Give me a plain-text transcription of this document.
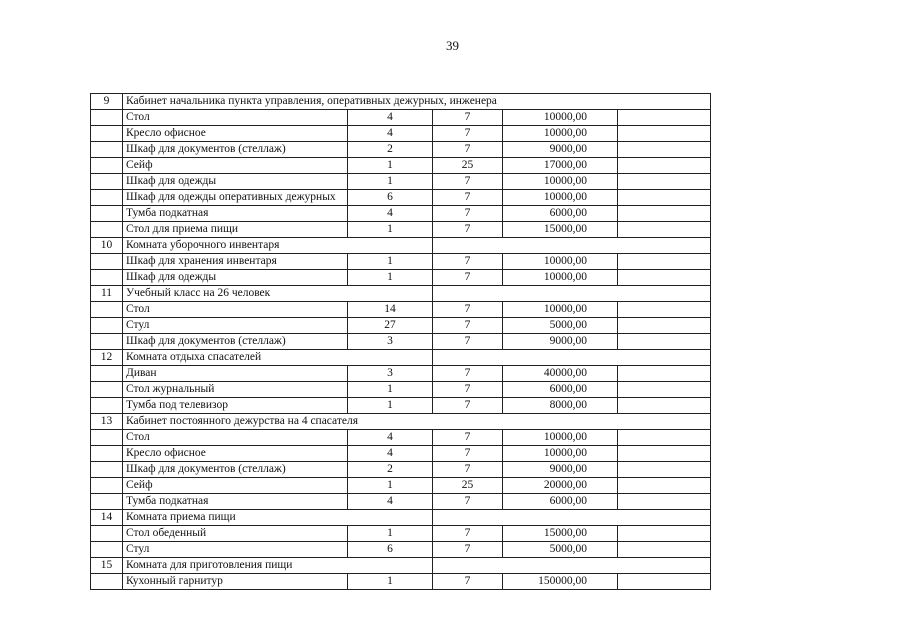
39
9	Кабинет начальника пункта управления, оперативных дежурных, инженера				
	Стол	4	7	10000,00	
	Кресло офисное	4	7	10000,00	
	Шкаф для документов (стеллаж)	2	7	9000,00	
	Сейф	1	25	17000,00	
	Шкаф для одежды	1	7	10000,00	
	Шкаф для одежды оперативных дежурных	6	7	10000,00	
	Тумба подкатная	4	7	6000,00	
	Стол для приема пищи	1	7	15000,00	
10	Комната уборочного инвентаря				
	Шкаф для хранения инвентаря	1	7	10000,00	
	Шкаф для одежды	1	7	10000,00	
11	Учебный класс на 26 человек				
	Стол	14	7	10000,00	
	Стул	27	7	5000,00	
	Шкаф для документов (стеллаж)	3	7	9000,00	
12	Комната отдыха спасателей				
	Диван	3	7	40000,00	
	Стол журнальный	1	7	6000,00	
	Тумба под телевизор	1	7	8000,00	
13	Кабинет постоянного дежурства на 4 спасателя				
	Стол	4	7	10000,00	
	Кресло офисное	4	7	10000,00	
	Шкаф для документов (стеллаж)	2	7	9000,00	
	Сейф	1	25	20000,00	
	Тумба подкатная	4	7	6000,00	
14	Комната приема пищи				
	Стол обеденный	1	7	15000,00	
	Стул	6	7	5000,00	
15	Комната для приготовления пищи				
	Кухонный гарнитур	1	7	150000,00	
